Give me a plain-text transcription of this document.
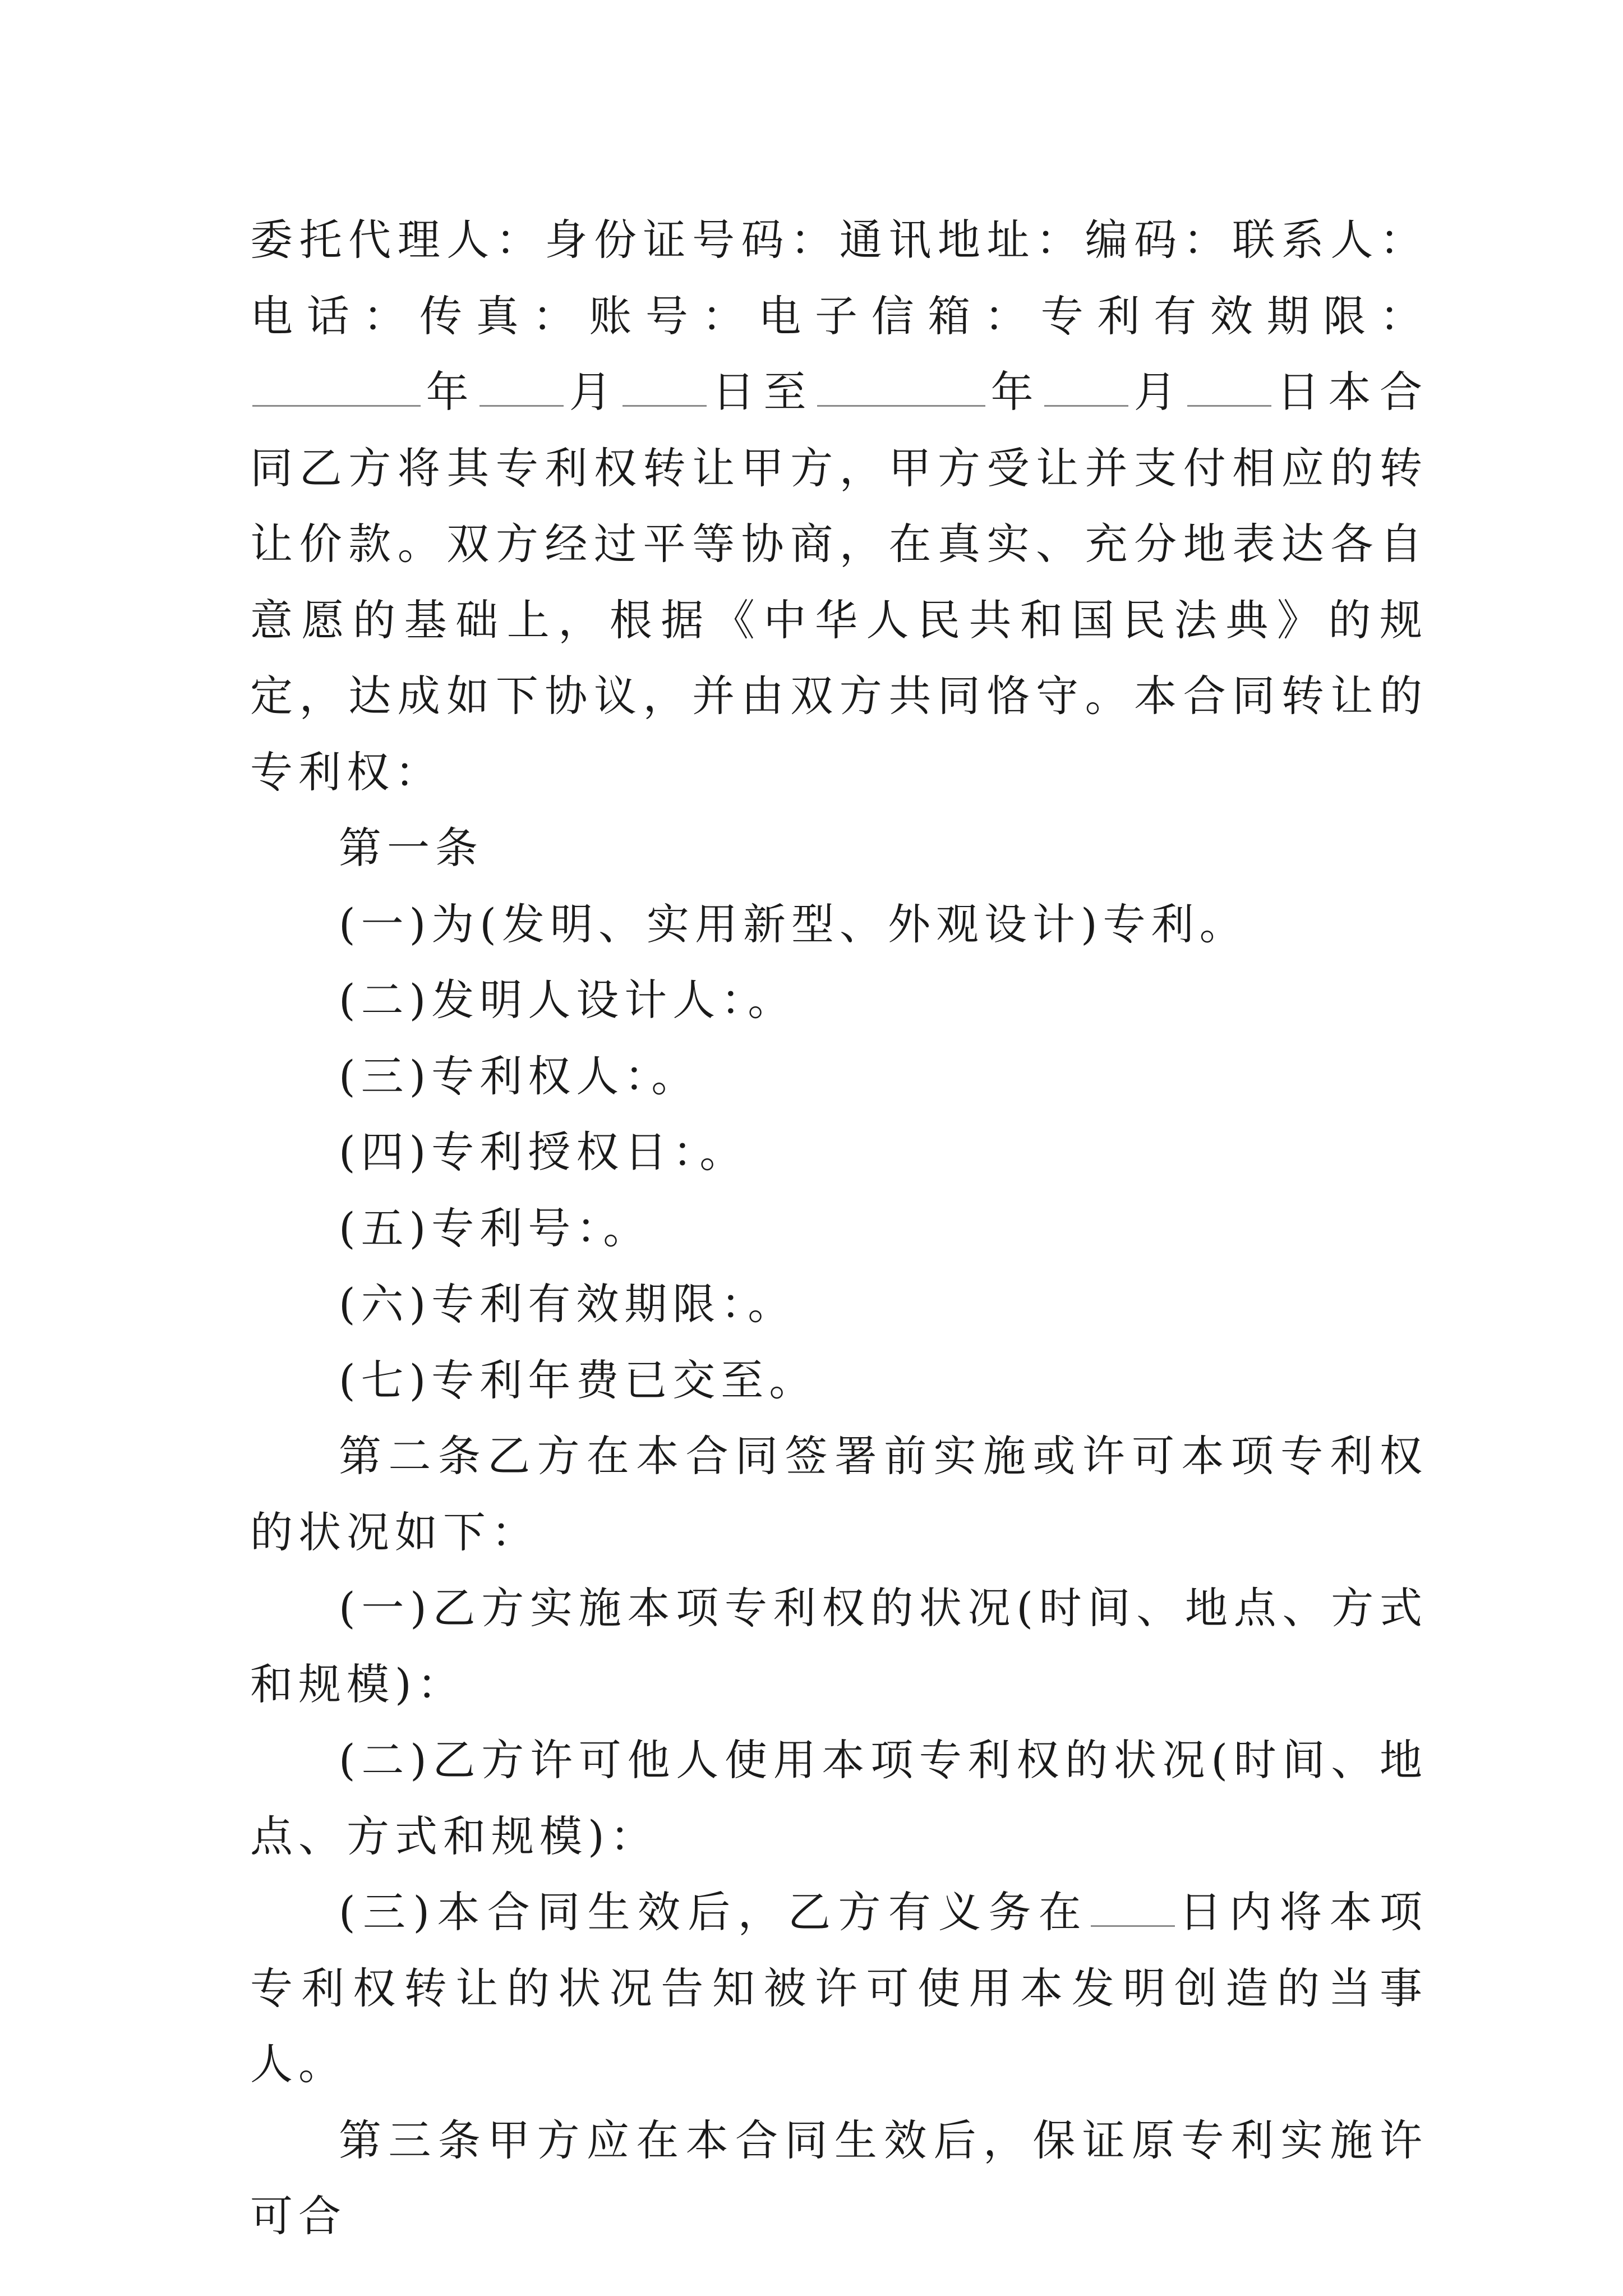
委托代理人：身份证号码：通讯地址：编码：联系人：电话：传真：账号：电子信箱：专利有效期限：年 月 日至	年 月 日本合同乙方将其专利权转让甲方，甲方受让并支付相应的转让价款。双方经过平等协商，在真实、充分地表达各自意愿的基础上，根据《中华人民共和国民法典》的规定，达成如下协议，并由双方共同恪守。本合同转让的专利权：

第一条

(一)为(发明、实用新型、外观设计)专利。

(二)发明人设计人：。

(三)专利权人：。

(四)专利授权日：。

(五)专利号：。

(六)专利有效期限：。

(七)专利年费已交至。

第二条乙方在本合同签署前实施或许可本项专利权的状况如下：

(一)乙方实施本项专利权的状况(时间、地点、方式和规模)：

(二)乙方许可他人使用本项专利权的状况(时间、地点、方式和规模)：

(三)本合同生效后，乙方有义务在 日内将本项专利权转让的状况告知被许可使用本发明创造的当事人。

第三条甲方应在本合同生效后，保证原专利实施许可合
